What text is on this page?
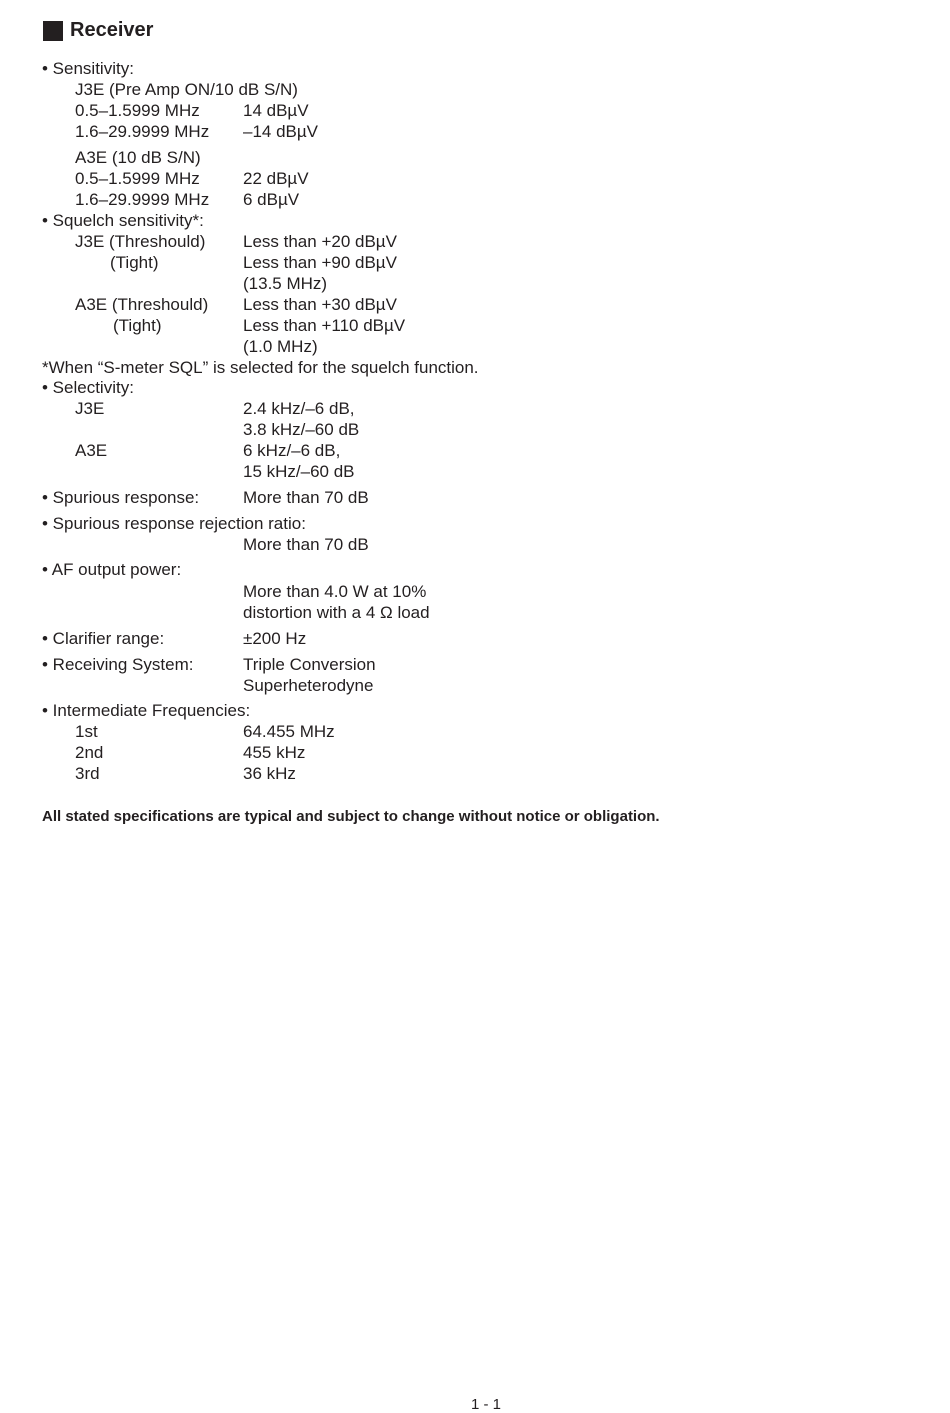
Receiver
• Sensitivity:
J3E (Pre Amp ON/10 dB S/N)
0.5–1.5999 MHz	14 dBµV
1.6–29.9999 MHz –14 dBµV
A3E (10 dB S/N)
0.5–1.5999 MHz	22 dBµV
1.6–29.9999 MHz 6 dBµV
• Squelch sensitivity*:
J3E (Threshould) Less than +20 dBµV
(Tight)	Less than +90 dBµV
(13.5 MHz)
A3E (Threshould) Less than +30 dBµV
(Tight)	Less than +110 dBµV
(1.0 MHz)
*When “S-meter SQL” is selected for the squelch function.
• Selectivity:
J3E	2.4 kHz/–6 dB,
3.8 kHz/–60 dB
A3E	6 kHz/–6 dB,
15 kHz/–60 dB
• Spurious response:	More than 70 dB
• Spurious response rejection ratio:
More than 70 dB
• AF output power:
More than 4.0 W at 10%
distortion with a 4 Ω load
• Clarifier range:	±200 Hz
• Receiving System:	Triple Conversion
Superheterodyne
• Intermediate Frequencies:
1st	64.455 MHz
2nd	455 kHz
3rd	36 kHz
All stated specifications are typical and subject to change without notice or obligation.
1 - 1
